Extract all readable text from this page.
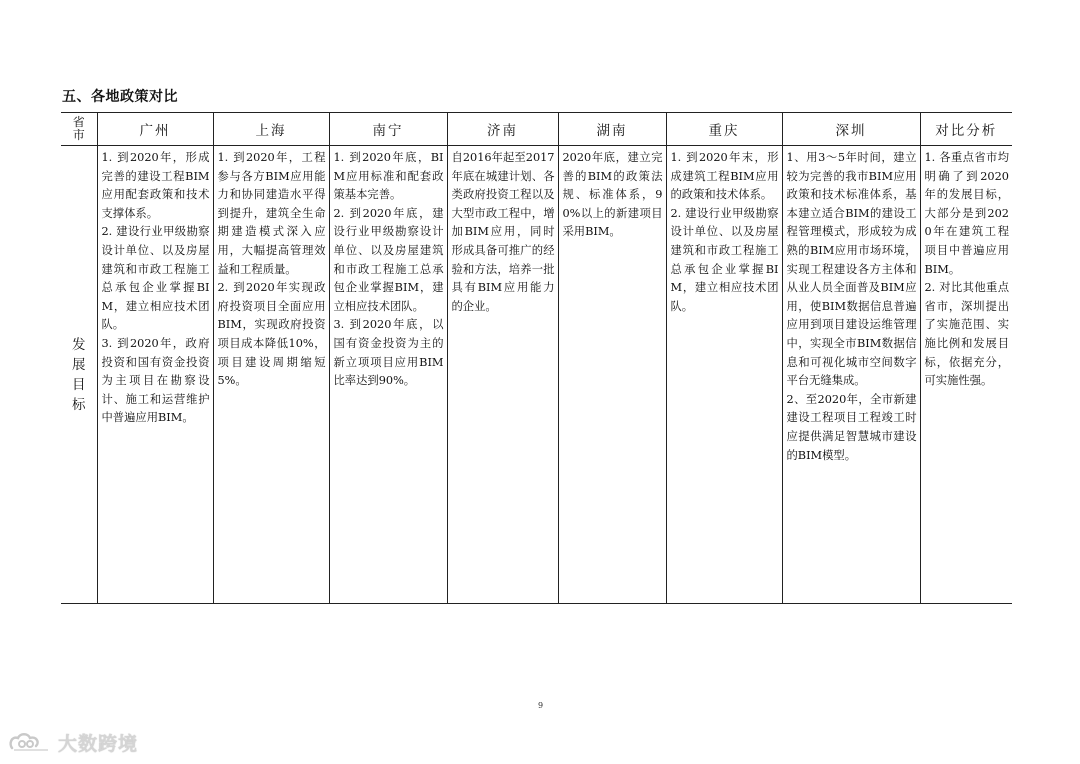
五、各地政策对比
省市	广州	上海	南宁	济南	湖南	重庆	深圳	对比分析
发展目标	1. 到2020年，形成完善的建设工程BIM应用配套政策和技术支撑体系。
2. 建设行业甲级勘察设计单位、以及房屋建筑和市政工程施工总承包企业掌握BIM，建立相应技术团队。
3. 到2020年，政府投资和国有资金投资为主项目在勘察设计、施工和运营维护中普遍应用BIM。	1. 到2020年，工程参与各方BIM应用能力和协同建造水平得到提升，建筑全生命期建造模式深入应用，大幅提高管理效益和工程质量。
2. 到2020年实现政府投资项目全面应用BIM，实现政府投资项目成本降低10%，项目建设周期缩短5%。	1. 到2020年底，BIM应用标准和配套政策基本完善。
2. 到2020年底，建设行业甲级勘察设计单位、以及房屋建筑和市政工程施工总承包企业掌握BIM，建立相应技术团队。
3. 到2020年底，以国有资金投资为主的新立项项目应用BIM比率达到90%。	自2016年起至2017年底在城建计划、各类政府投资工程以及大型市政工程中，增加BIM应用，同时形成具备可推广的经验和方法，培养一批具有BIM应用能力的企业。	2020年底，建立完善的BIM的政策法规、标准体系，90%以上的新建项目采用BIM。	1. 到2020年末，形成建筑工程BIM应用的政策和技术体系。
2. 建设行业甲级勘察设计单位、以及房屋建筑和市政工程施工总承包企业掌握BIM，建立相应技术团队。	1、用3～5年时间，建立较为完善的我市BIM应用政策和技术标准体系，基本建立适合BIM的建设工程管理模式，形成较为成熟的BIM应用市场环境，实现工程建设各方主体和从业人员全面普及BIM应用，使BIM数据信息普遍应用到项目建设运维管理中，实现全市BIM数据信息和可视化城市空间数字平台无缝集成。
2、至2020年，全市新建建设工程项目工程竣工时应提供满足智慧城市建设的BIM模型。	1. 各重点省市均明确了到2020年的发展目标，大部分是到2020年在建筑工程项目中普遍应用BIM。
2. 对比其他重点省市，深圳提出了实施范围、实施比例和发展目标，依据充分，可实施性强。
9
大数跨境
